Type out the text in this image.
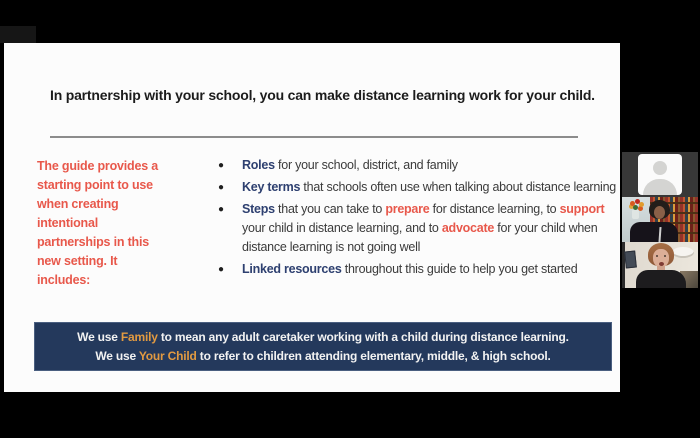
In partnership with your school, you can make distance learning work for your child.
The guide provides a starting point to use when creating intentional partnerships in this new setting. It includes:
● Roles for your school, district, and family
● Key terms that schools often use when talking about distance learning
● Steps that you can take to prepare for distance learning, to support your child in distance learning, and to advocate for your child when distance learning is not going well
● Linked resources throughout this guide to help you get started
We use Family to mean any adult caretaker working with a child during distance learning.
We use Your Child to refer to children attending elementary, middle, & high school.
